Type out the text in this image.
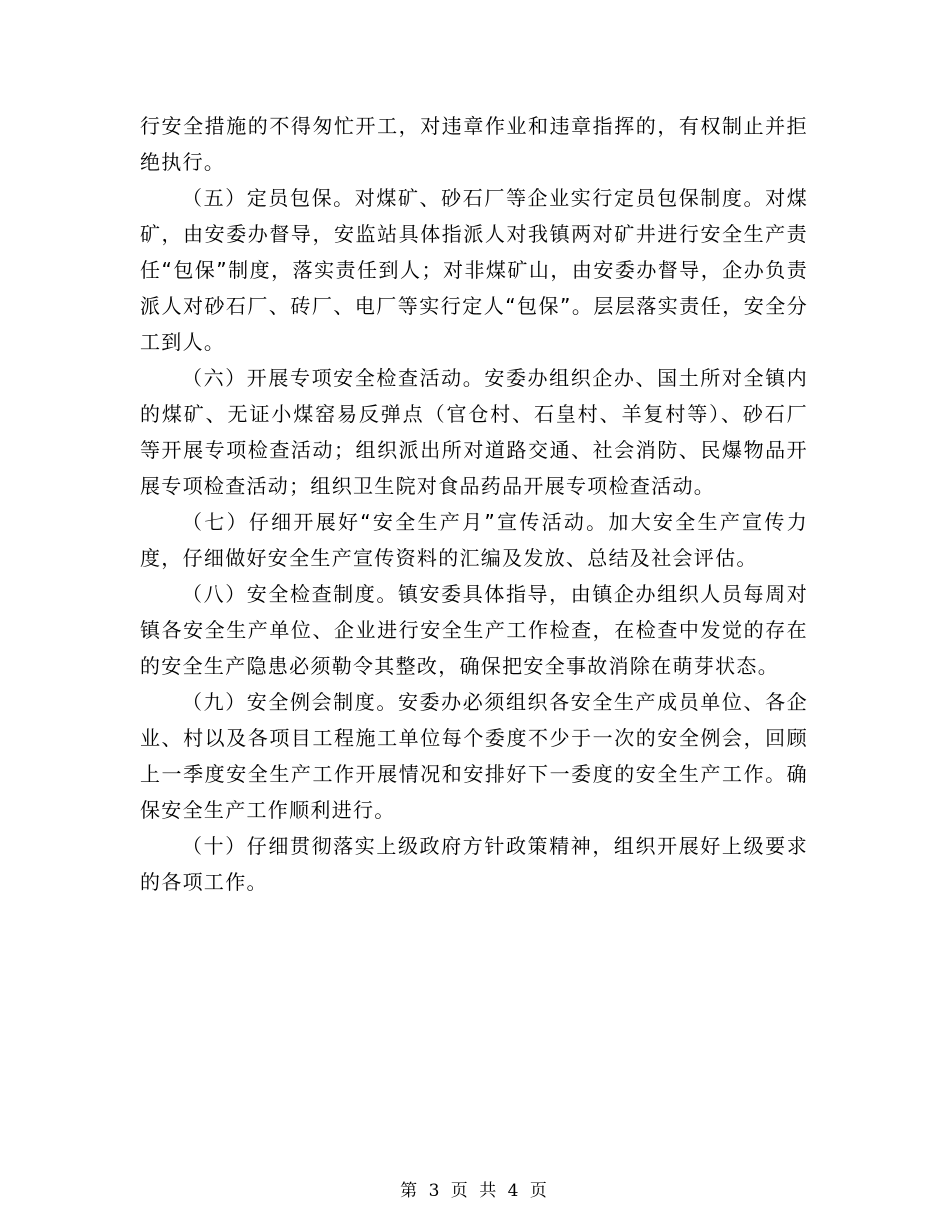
行安全措施的不得匆忙开工，对违章作业和违章指挥的，有权制止并拒绝执行。

（五）定员包保。对煤矿、砂石厂等企业实行定员包保制度。对煤矿，由安委办督导，安监站具体指派人对我镇两对矿井进行安全生产责任“包保”制度，落实责任到人；对非煤矿山，由安委办督导，企办负责派人对砂石厂、砖厂、电厂等实行定人“包保”。层层落实责任，安全分工到人。

（六）开展专项安全检查活动。安委办组织企办、国土所对全镇内的煤矿、无证小煤窑易反弹点（官仓村、石皇村、羊复村等）、砂石厂等开展专项检查活动；组织派出所对道路交通、社会消防、民爆物品开展专项检查活动；组织卫生院对食品药品开展专项检查活动。

（七）仔细开展好“安全生产月”宣传活动。加大安全生产宣传力度，仔细做好安全生产宣传资料的汇编及发放、总结及社会评估。

（八）安全检查制度。镇安委具体指导，由镇企办组织人员每周对镇各安全生产单位、企业进行安全生产工作检查，在检查中发觉的存在的安全生产隐患必须勒令其整改，确保把安全事故消除在萌芽状态。

（九）安全例会制度。安委办必须组织各安全生产成员单位、各企业、村以及各项目工程施工单位每个委度不少于一次的安全例会，回顾上一季度安全生产工作开展情况和安排好下一委度的安全生产工作。确保安全生产工作顺利进行。

（十）仔细贯彻落实上级政府方针政策精神，组织开展好上级要求的各项工作。

第 3 页 共 4 页
